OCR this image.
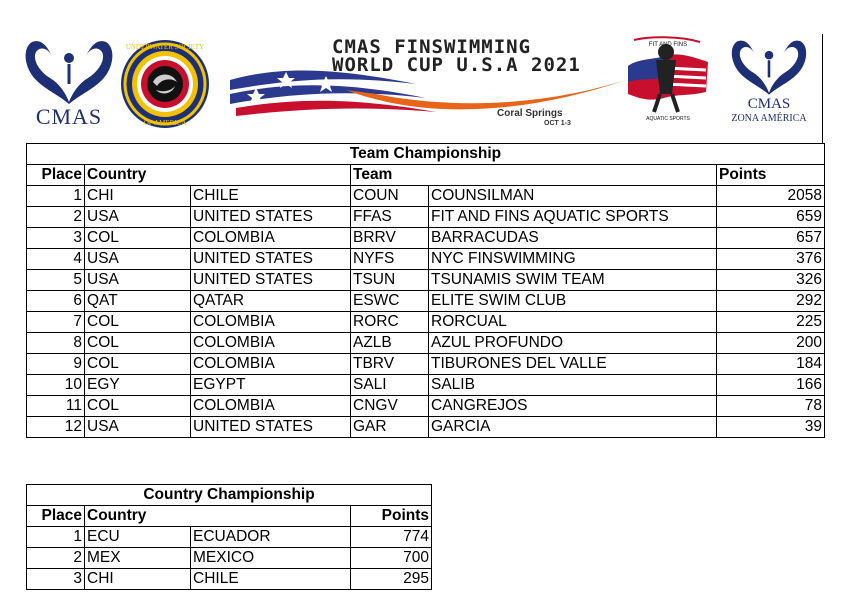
CMAS
UNDERWATER SOCIETY
OF AMERICA
CMAS FINSWIMMING
WORLD CUP U.S.A 2021
Coral Springs
OCT 1-3
FIT AND FINS
AQUATIC SPORTS
CMAS
ZONA AMÉRICA
Team Championship					
Place	Country		Team		Points
1	CHI	CHILE	COUN	COUNSILMAN	2058
2	USA	UNITED STATES	FFAS	FIT AND FINS AQUATIC SPORTS	659
3	COL	COLOMBIA	BRRV	BARRACUDAS	657
4	USA	UNITED STATES	NYFS	NYC FINSWIMMING	376
5	USA	UNITED STATES	TSUN	TSUNAMIS SWIM TEAM	326
6	QAT	QATAR	ESWC	ELITE SWIM CLUB	292
7	COL	COLOMBIA	RORC	RORCUAL	225
8	COL	COLOMBIA	AZLB	AZUL PROFUNDO	200
9	COL	COLOMBIA	TBRV	TIBURONES DEL VALLE	184
10	EGY	EGYPT	SALI	SALIB	166
11	COL	COLOMBIA	CNGV	CANGREJOS	78
12	USA	UNITED STATES	GAR	GARCIA	39
Country Championship			
Place	Country		Points
1	ECU	ECUADOR	774
2	MEX	MEXICO	700
3	CHI	CHILE	295
